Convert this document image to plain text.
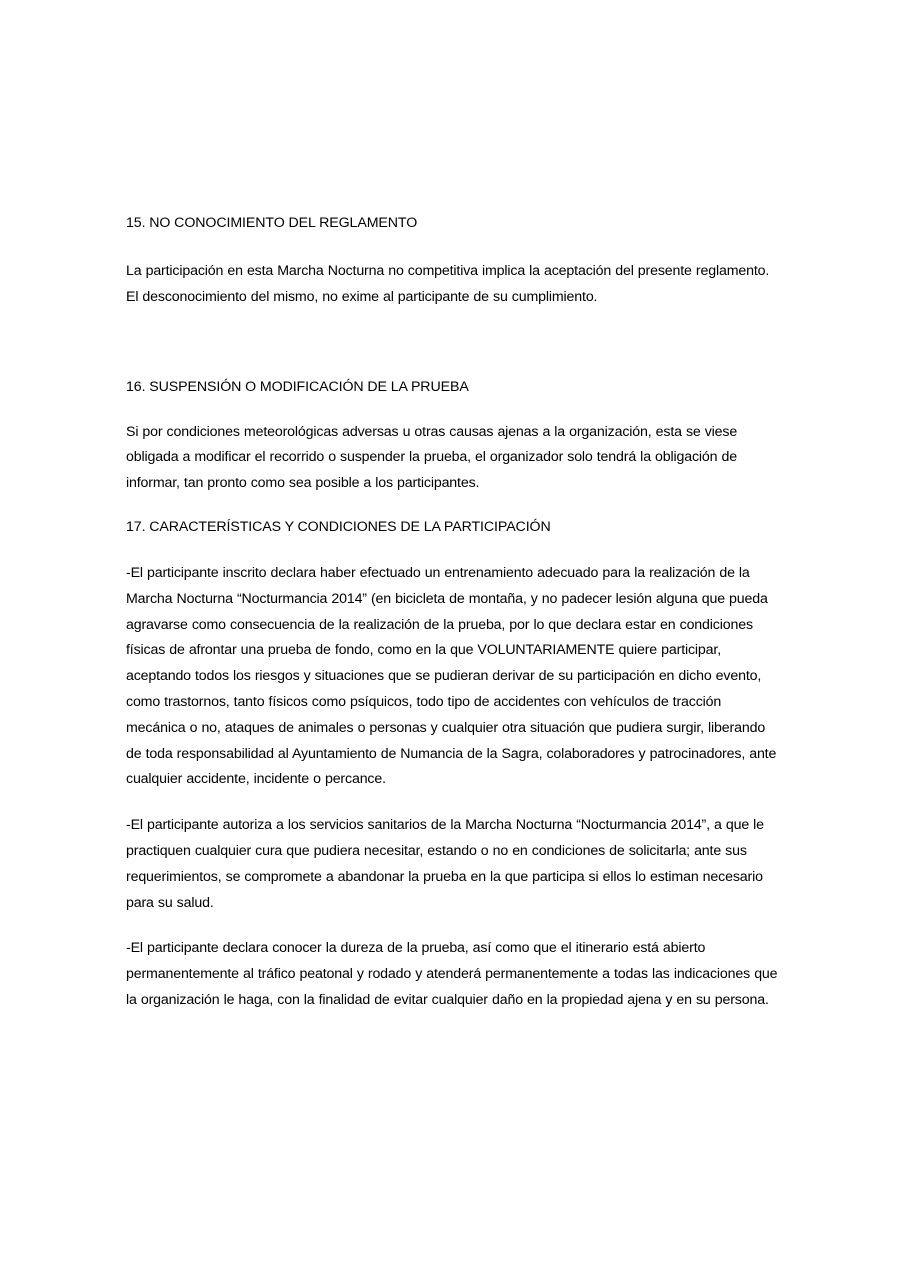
15. NO CONOCIMIENTO DEL REGLAMENTO

La participación en esta Marcha Nocturna no competitiva implica la aceptación del presente reglamento. El desconocimiento del mismo, no exime al participante de su cumplimiento.

16. SUSPENSIÓN O MODIFICACIÓN DE LA PRUEBA

Si por condiciones meteorológicas adversas u otras causas ajenas a la organización, esta se viese obligada a modificar el recorrido o suspender la prueba, el organizador solo tendrá la obligación de informar, tan pronto como sea posible a los participantes.

17. CARACTERÍSTICAS Y CONDICIONES DE LA PARTICIPACIÓN

-El participante inscrito declara haber efectuado un entrenamiento adecuado para la realización de la Marcha Nocturna “Nocturmancia 2014” (en bicicleta de montaña, y no padecer lesión alguna que pueda agravarse como consecuencia de la realización de la prueba, por lo que declara estar en condiciones físicas de afrontar una prueba de fondo, como en la que VOLUNTARIAMENTE quiere participar, aceptando todos los riesgos y situaciones que se pudieran derivar de su participación en dicho evento, como trastornos, tanto físicos como psíquicos, todo tipo de accidentes con vehículos de tracción mecánica o no, ataques de animales o personas y cualquier otra situación que pudiera surgir, liberando de toda responsabilidad al Ayuntamiento de Numancia de la Sagra, colaboradores y patrocinadores, ante cualquier accidente, incidente o percance.

-El participante autoriza a los servicios sanitarios de la Marcha Nocturna “Nocturmancia 2014”, a que le practiquen cualquier cura que pudiera necesitar, estando o no en condiciones de solicitarla; ante sus requerimientos, se compromete a abandonar la prueba en la que participa si ellos lo estiman necesario para su salud.

-El participante declara conocer la dureza de la prueba, así como que el itinerario está abierto permanentemente al tráfico peatonal y rodado y atenderá permanentemente a todas las indicaciones que la organización le haga, con la finalidad de evitar cualquier daño en la propiedad ajena y en su persona.
